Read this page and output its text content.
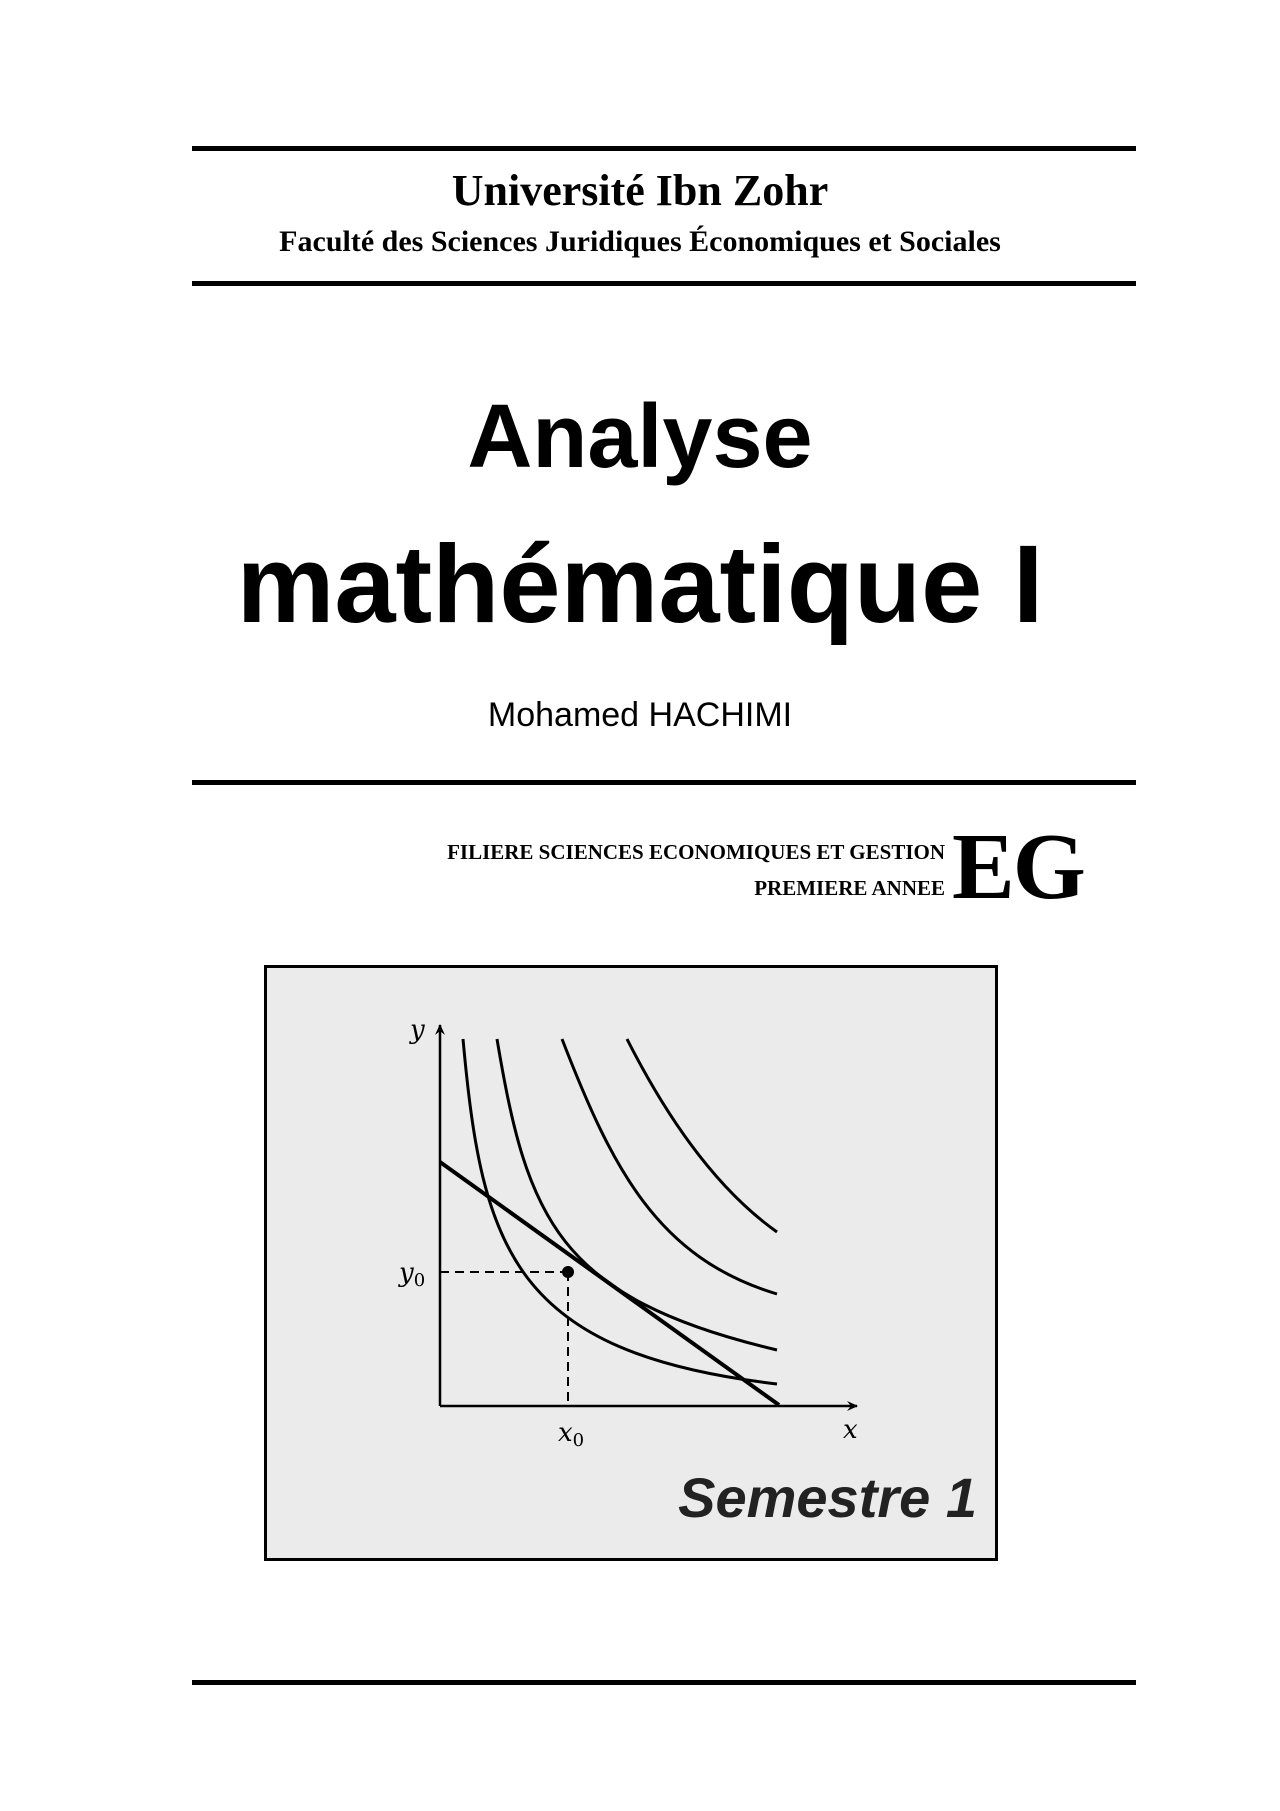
Université Ibn Zohr
Faculté des Sciences Juridiques Économiques et Sociales
Analyse
mathématique I
Mohamed HACHIMI
FILIERE SCIENCES ECONOMIQUES ET GESTION
PREMIERE ANNEE EG
y
y0
x0	x
Semestre 1
